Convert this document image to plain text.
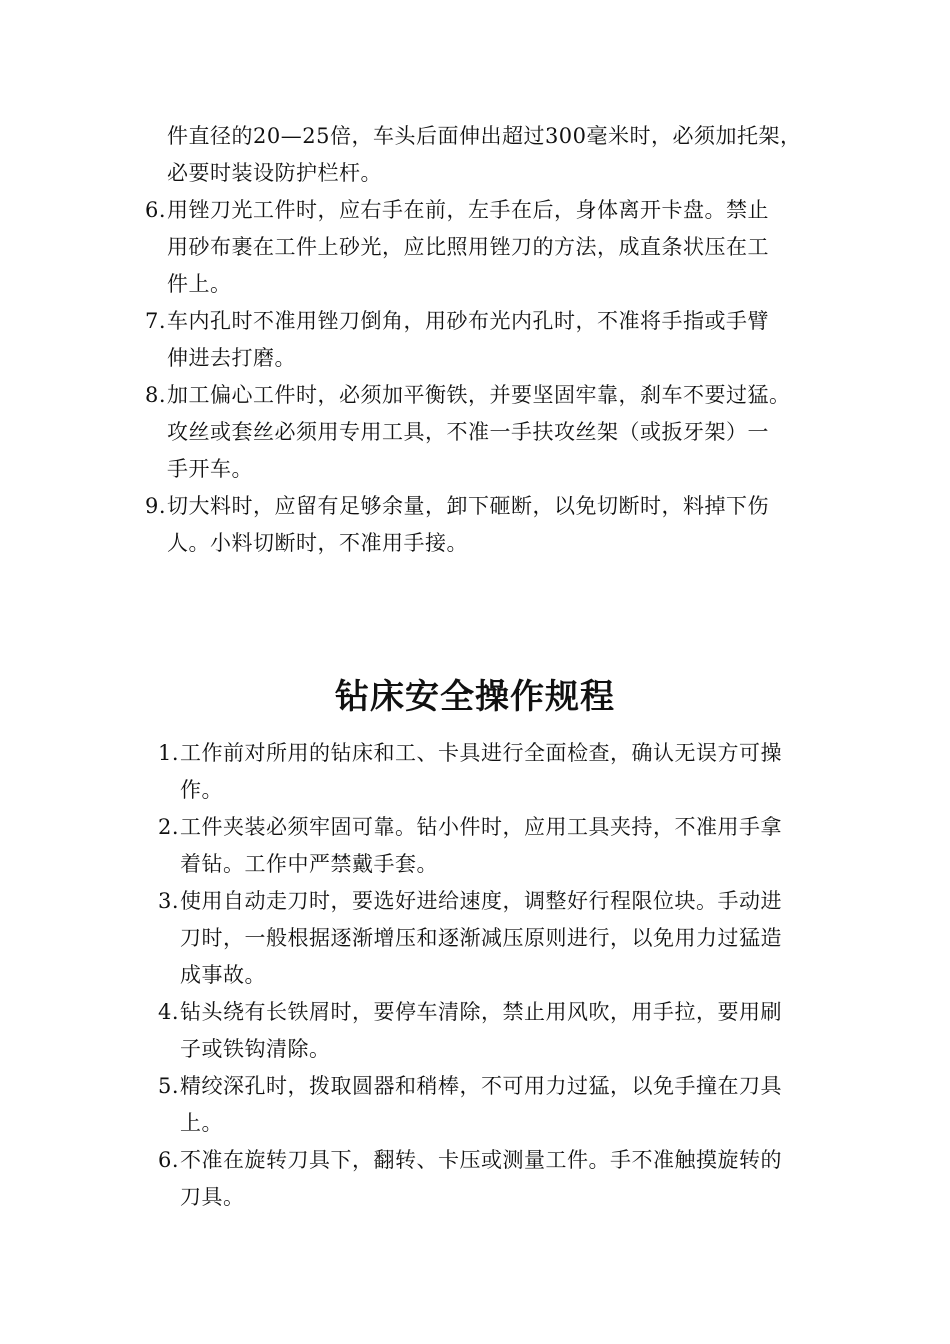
件直径的20—25倍，车头后面伸出超过300毫米时，必须加托架，
必要时装设防护栏杆。
6. 用锉刀光工件时，应右手在前，左手在后，身体离开卡盘。禁止
用砂布裹在工件上砂光，应比照用锉刀的方法，成直条状压在工
件上。
7. 车内孔时不准用锉刀倒角，用砂布光内孔时，不准将手指或手臂
伸进去打磨。
8. 加工偏心工件时，必须加平衡铁，并要坚固牢靠，刹车不要过猛。
攻丝或套丝必须用专用工具，不准一手扶攻丝架（或扳牙架）一
手开车。
9. 切大料时，应留有足够余量，卸下砸断，以免切断时，料掉下伤
人。小料切断时，不准用手接。
钻床安全操作规程
1. 工作前对所用的钻床和工、卡具进行全面检查，确认无误方可操
作。
2. 工件夹装必须牢固可靠。钻小件时，应用工具夹持，不准用手拿
着钻。工作中严禁戴手套。
3. 使用自动走刀时，要选好进给速度，调整好行程限位块。手动进
刀时，一般根据逐渐增压和逐渐减压原则进行，以免用力过猛造
成事故。
4. 钻头绕有长铁屑时，要停车清除，禁止用风吹，用手拉，要用刷
子或铁钩清除。
5. 精绞深孔时，拨取圆器和稍棒，不可用力过猛，以免手撞在刀具
上。
6. 不准在旋转刀具下，翻转、卡压或测量工件。手不准触摸旋转的
刀具。
